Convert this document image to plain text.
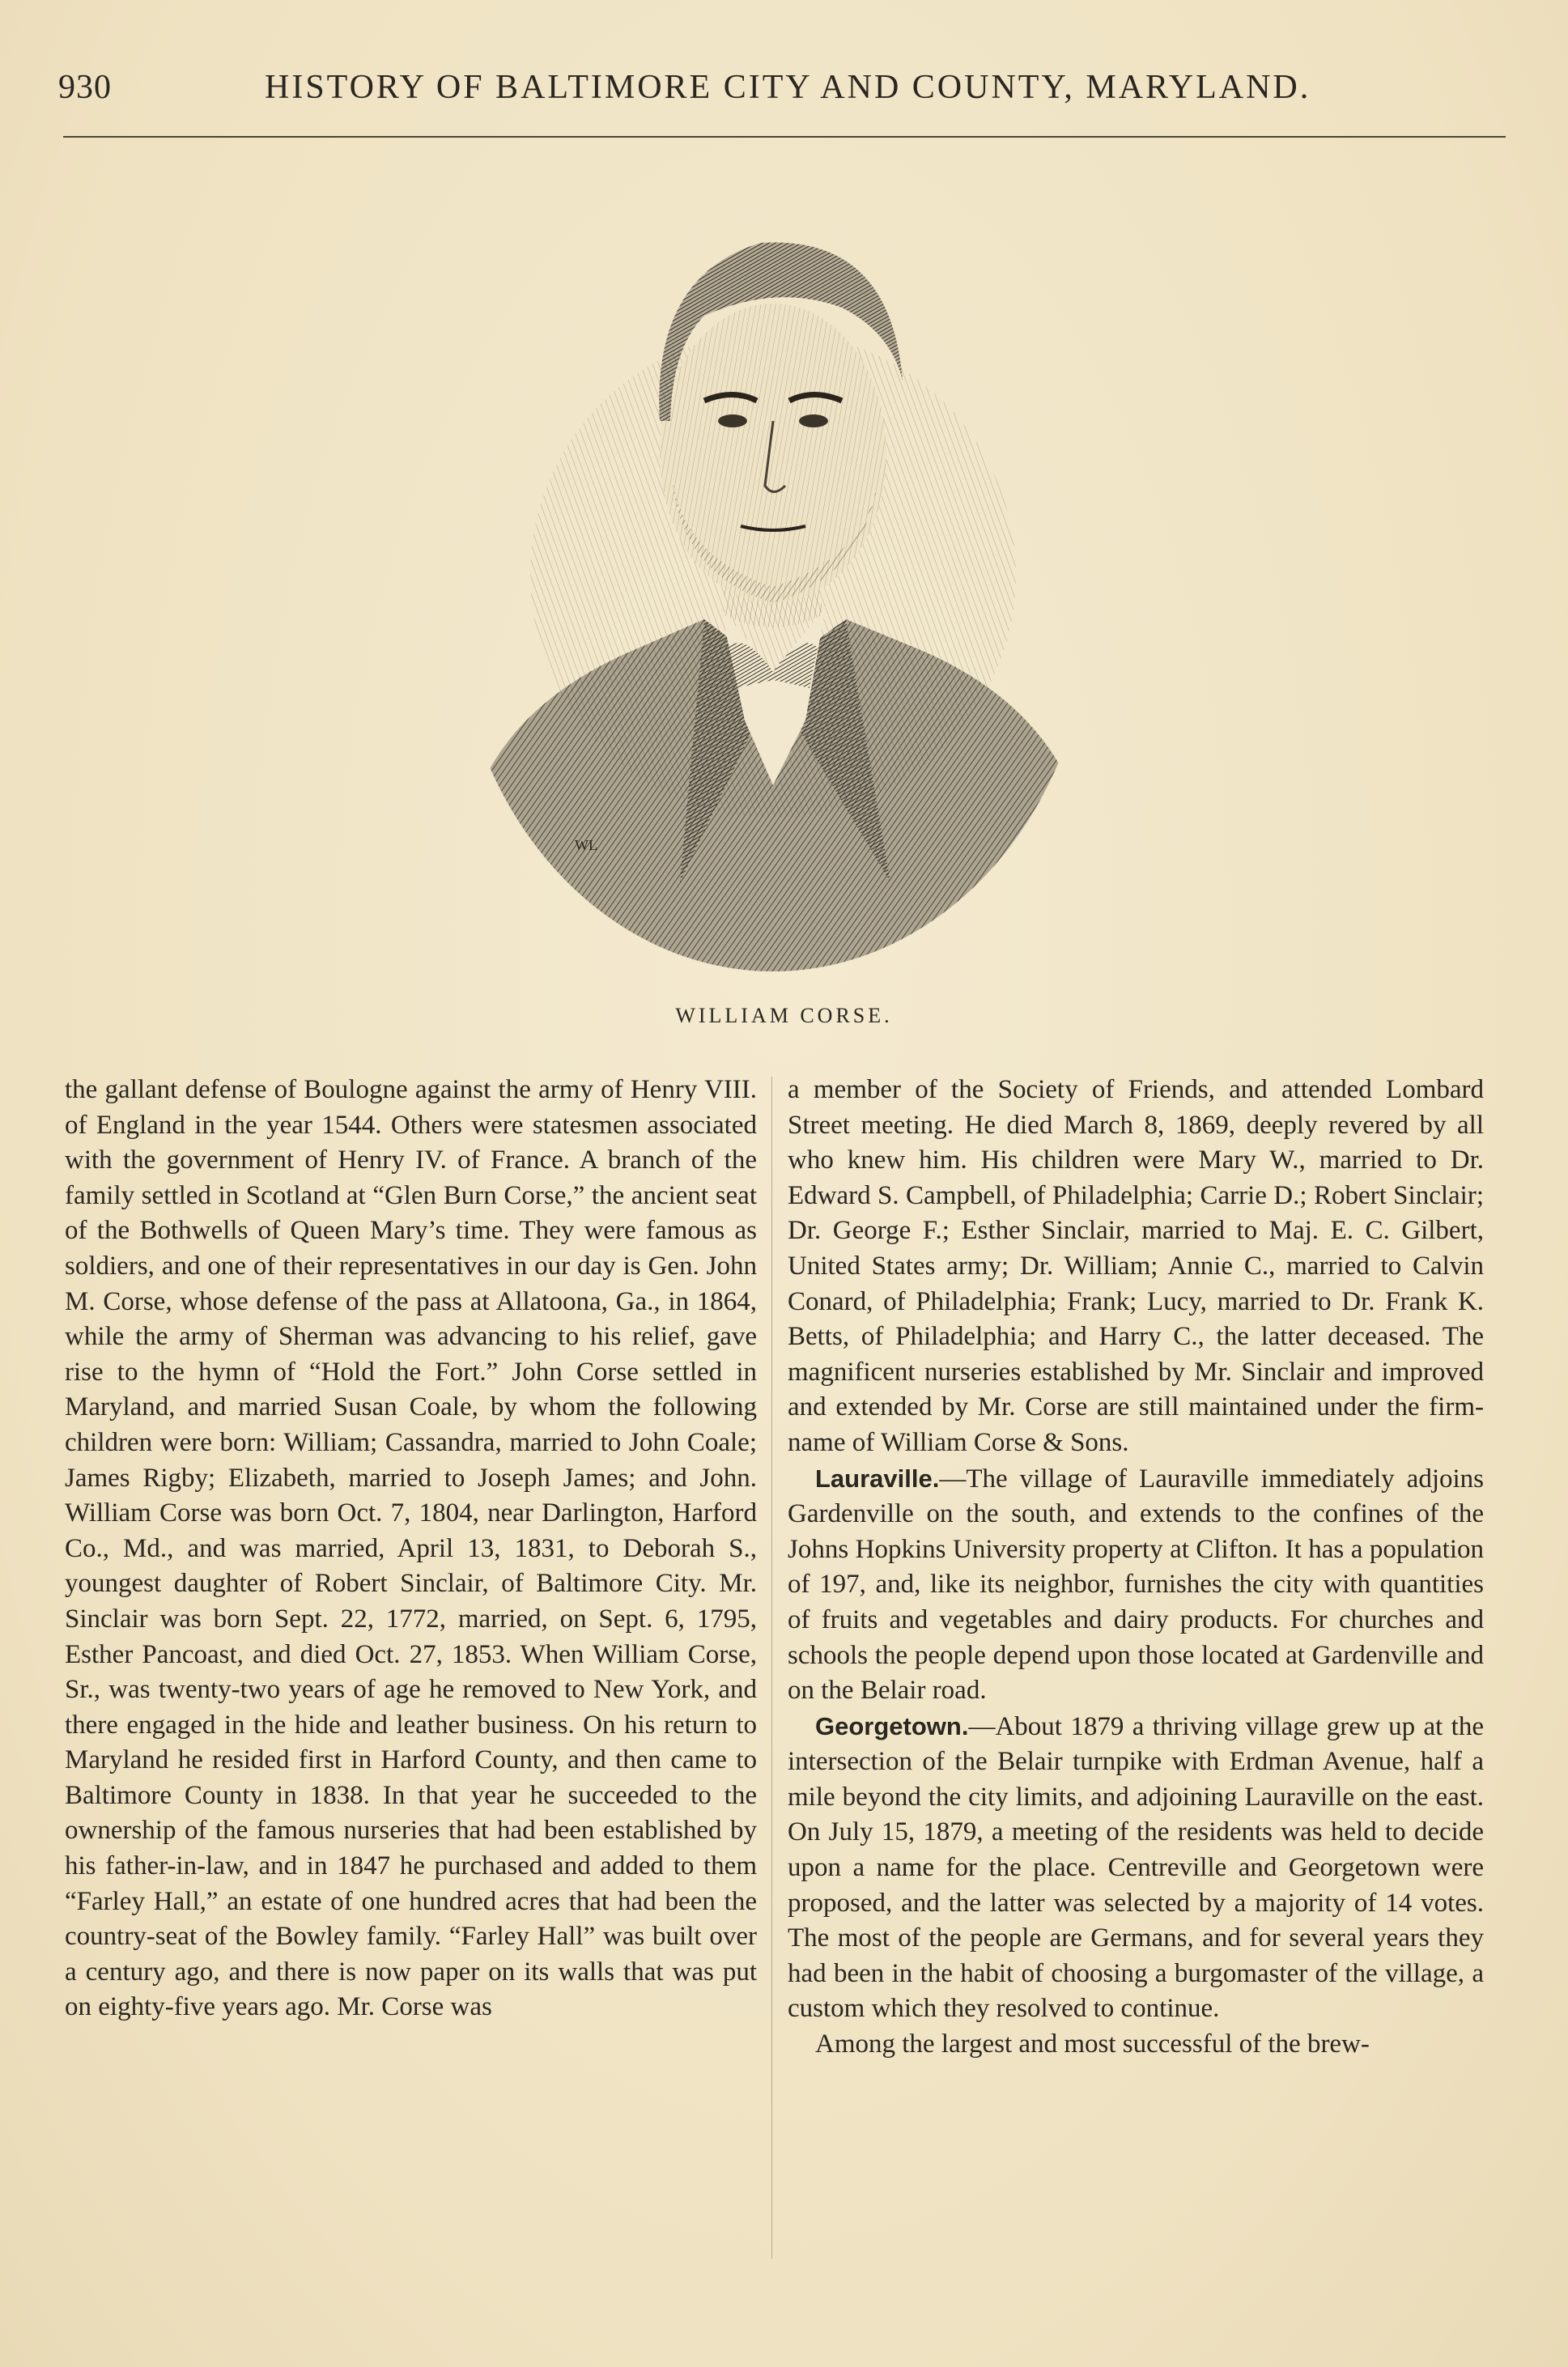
930	HISTORY OF BALTIMORE CITY AND COUNTY, MARYLAND.
WL
WILLIAM CORSE.

the gallant defense of Boulogne against the army of Henry VIII. of England in the year 1544. Others were statesmen associated with the government of Henry IV. of France. A branch of the family settled in Scotland at “Glen Burn Corse,” the ancient seat of the Bothwells of Queen Mary’s time. They were famous as soldiers, and one of their representatives in our day is Gen. John M. Corse, whose defense of the pass at Allatoona, Ga., in 1864, while the army of Sherman was advancing to his relief, gave rise to the hymn of “Hold the Fort.” John Corse settled in Maryland, and married Susan Coale, by whom the following children were born: William; Cassandra, married to John Coale; James Rigby; Elizabeth, married to Joseph James; and John. William Corse was born Oct. 7, 1804, near Darlington, Harford Co., Md., and was married, April 13, 1831, to Deborah S., youngest daughter of Robert Sinclair, of Baltimore City. Mr. Sinclair was born Sept. 22, 1772, married, on Sept. 6, 1795, Esther Pancoast, and died Oct. 27, 1853. When William Corse, Sr., was twenty-two years of age he removed to New York, and there engaged in the hide and leather business. On his return to Maryland he resided first in Harford County, and then came to Baltimore County in 1838. In that year he succeeded to the ownership of the famous nurseries that had been established by his father-in-law, and in 1847 he purchased and added to them “Farley Hall,” an estate of one hundred acres that had been the country-seat of the Bowley family. “Farley Hall” was built over a century ago, and there is now paper on its walls that was put on eighty-five years ago. Mr. Corse was

a member of the Society of Friends, and attended Lombard Street meeting. He died March 8, 1869, deeply revered by all who knew him. His children were Mary W., married to Dr. Edward S. Campbell, of Philadelphia; Carrie D.; Robert Sinclair; Dr. George F.; Esther Sinclair, married to Maj. E. C. Gilbert, United States army; Dr. William; Annie C., married to Calvin Conard, of Philadelphia; Frank; Lucy, married to Dr. Frank K. Betts, of Philadelphia; and Harry C., the latter deceased. The magnificent nurseries established by Mr. Sinclair and improved and extended by Mr. Corse are still maintained under the firm-name of William Corse & Sons.

Lauraville.—The village of Lauraville immediately adjoins Gardenville on the south, and extends to the confines of the Johns Hopkins University property at Clifton. It has a population of 197, and, like its neighbor, furnishes the city with quantities of fruits and vegetables and dairy products. For churches and schools the people depend upon those located at Gardenville and on the Belair road.

Georgetown.—About 1879 a thriving village grew up at the intersection of the Belair turnpike with Erdman Avenue, half a mile beyond the city limits, and adjoining Lauraville on the east. On July 15, 1879, a meeting of the residents was held to decide upon a name for the place. Centreville and Georgetown were proposed, and the latter was selected by a majority of 14 votes. The most of the people are Germans, and for several years they had been in the habit of choosing a burgomaster of the village, a custom which they resolved to continue.

Among the largest and most successful of the brew-
